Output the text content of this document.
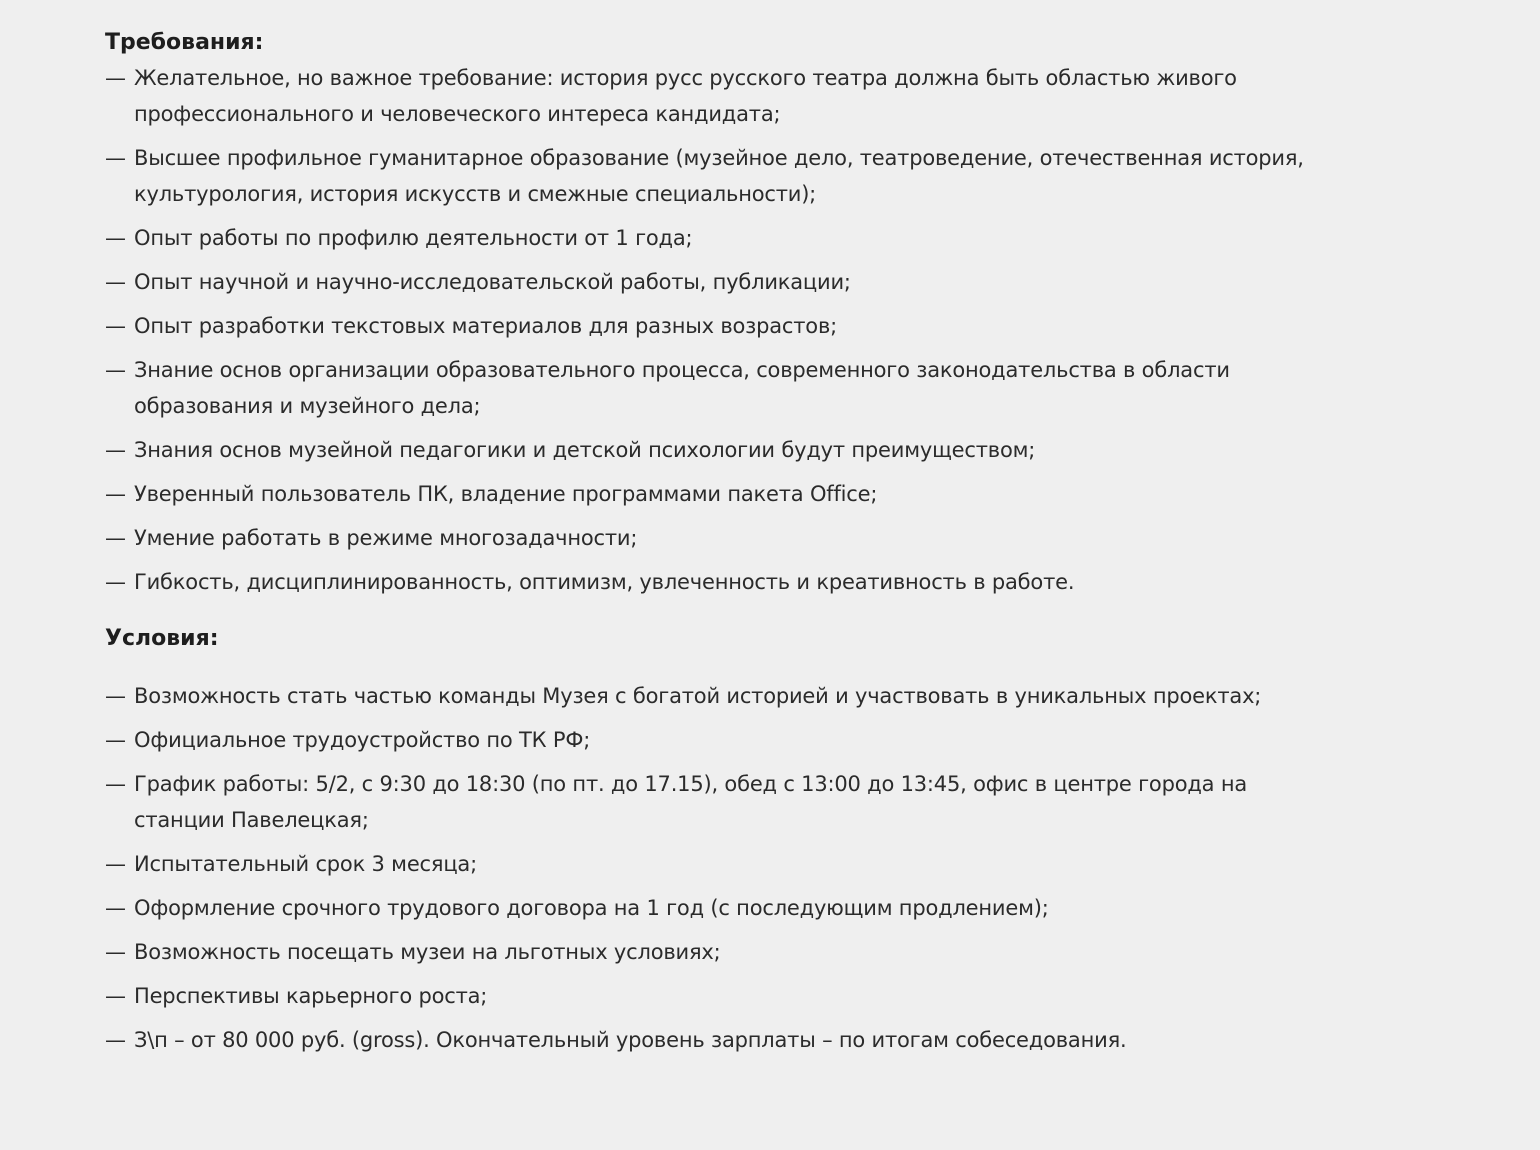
Требования:
— Желательное, но важное требование: история русс русского театра должна быть областью живого профессионального и человеческого интереса кандидата;
— Высшее профильное гуманитарное образование (музейное дело, театроведение, отечественная история, культурология, история искусств и смежные специальности);
— Опыт работы по профилю деятельности от 1 года;
— Опыт научной и научно-исследовательской работы, публикации;
— Опыт разработки текстовых материалов для разных возрастов;
— Знание основ организации образовательного процесса, современного законодательства в области образования и музейного дела;
— Знания основ музейной педагогики и детской психологии будут преимуществом;
— Уверенный пользователь ПК, владение программами пакета Office;
— Умение работать в режиме многозадачности;
— Гибкость, дисциплинированность, оптимизм, увлеченность и креативность в работе.
Условия:
— Возможность стать частью команды Музея с богатой историей и участвовать в уникальных проектах;
— Официальное трудоустройство по ТК РФ;
— График работы: 5/2, с 9:30 до 18:30 (по пт. до 17.15), обед с 13:00 до 13:45, офис в центре города на станции Павелецкая;
— Испытательный срок 3 месяца;
— Оформление срочного трудового договора на 1 год (с последующим продлением);
— Возможность посещать музеи на льготных условиях;
— Перспективы карьерного роста;
— З\п – от 80 000 руб. (gross). Окончательный уровень зарплаты – по итогам собеседования.
